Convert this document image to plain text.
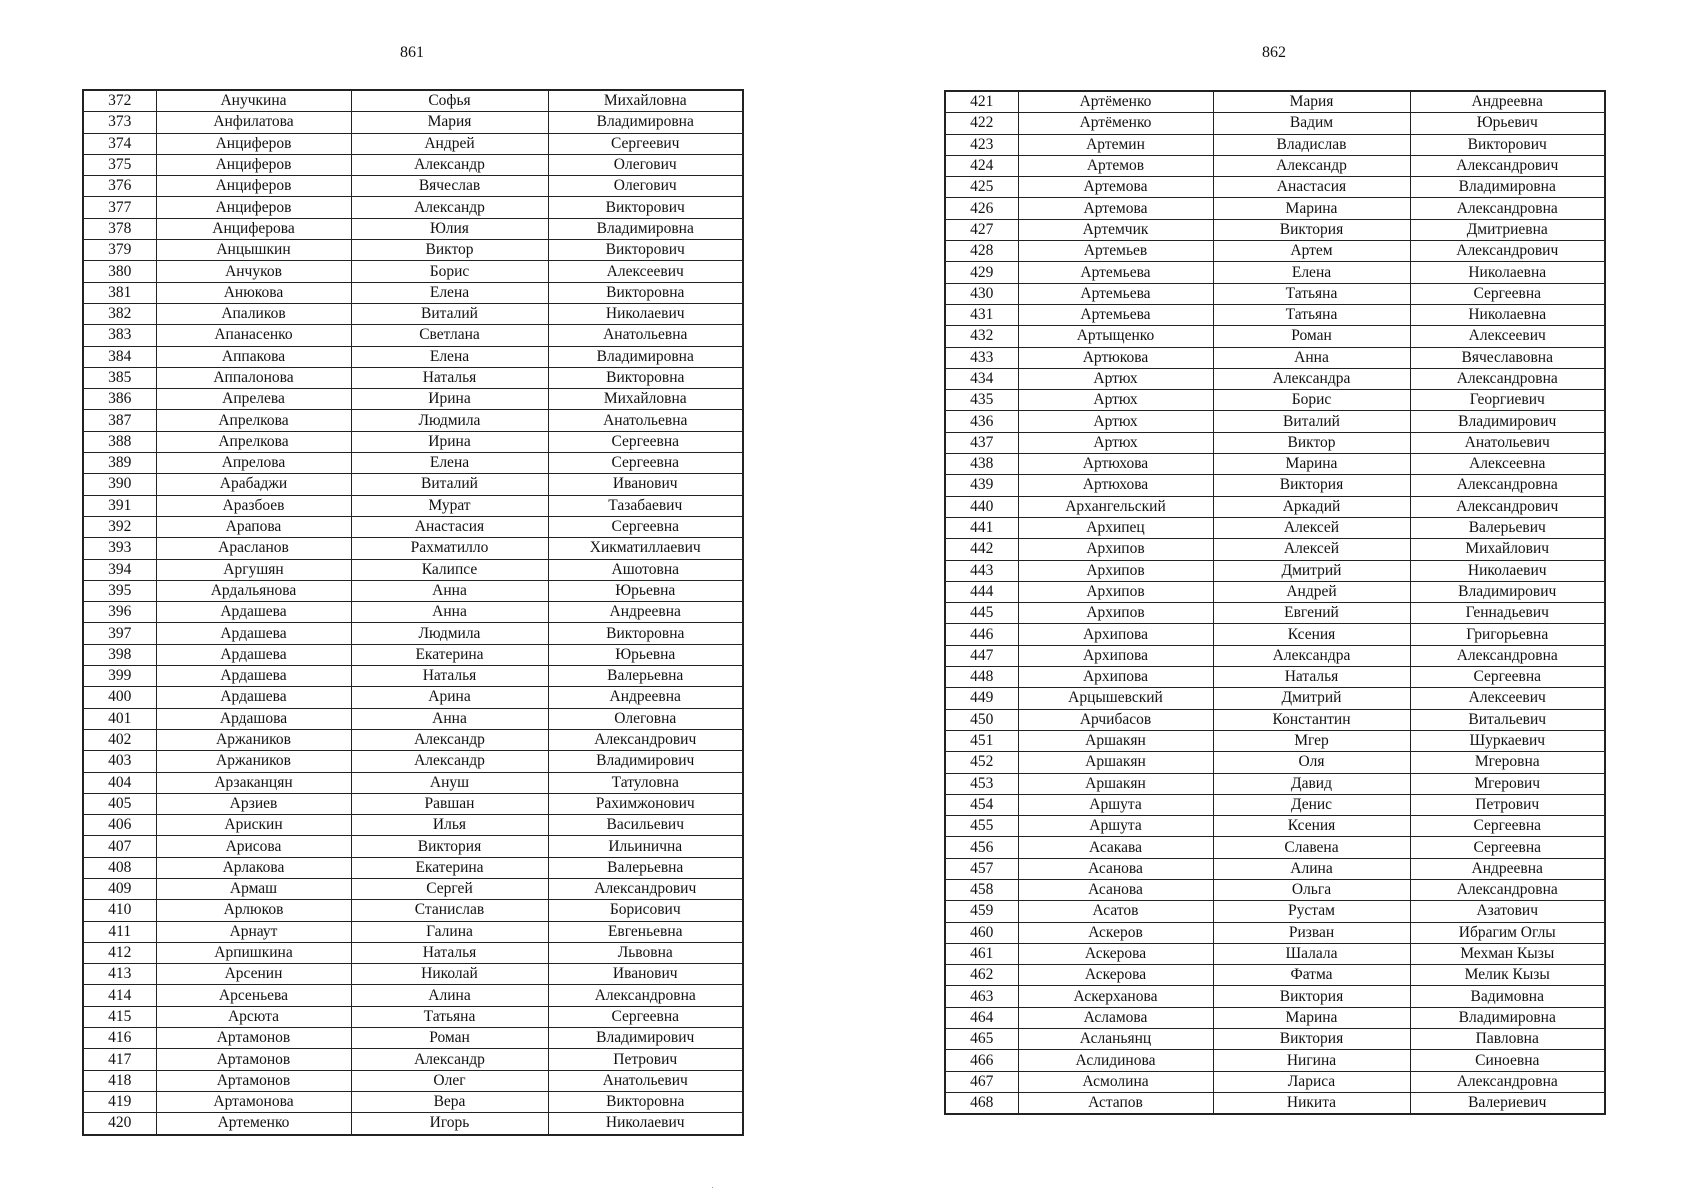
861
372	Анучкина	Софья	Михайловна
373	Анфилатова	Мария	Владимировна
374	Анциферов	Андрей	Сергеевич
375	Анциферов	Александр	Олегович
376	Анциферов	Вячеслав	Олегович
377	Анциферов	Александр	Викторович
378	Анциферова	Юлия	Владимировна
379	Анцышкин	Виктор	Викторович
380	Анчуков	Борис	Алексеевич
381	Анюкова	Елена	Викторовна
382	Апаликов	Виталий	Николаевич
383	Апанасенко	Светлана	Анатольевна
384	Аппакова	Елена	Владимировна
385	Аппалонова	Наталья	Викторовна
386	Апрелева	Ирина	Михайловна
387	Апрелкова	Людмила	Анатольевна
388	Апрелкова	Ирина	Сергеевна
389	Апрелова	Елена	Сергеевна
390	Арабаджи	Виталий	Иванович
391	Аразбоев	Мурат	Тазабаевич
392	Арапова	Анастасия	Сергеевна
393	Арасланов	Рахматилло	Хикматиллаевич
394	Аргушян	Калипсе	Ашотовна
395	Ардальянова	Анна	Юрьевна
396	Ардашева	Анна	Андреевна
397	Ардашева	Людмила	Викторовна
398	Ардашева	Екатерина	Юрьевна
399	Ардашева	Наталья	Валерьевна
400	Ардашева	Арина	Андреевна
401	Ардашова	Анна	Олеговна
402	Аржаников	Александр	Александрович
403	Аржаников	Александр	Владимирович
404	Арзаканцян	Ануш	Татуловна
405	Арзиев	Равшан	Рахимжонович
406	Арискин	Илья	Васильевич
407	Арисова	Виктория	Ильинична
408	Арлакова	Екатерина	Валерьевна
409	Армаш	Сергей	Александрович
410	Арлюков	Станислав	Борисович
411	Арнаут	Галина	Евгеньевна
412	Арпишкина	Наталья	Львовна
413	Арсенин	Николай	Иванович
414	Арсеньева	Алина	Александровна
415	Арсюта	Татьяна	Сергеевна
416	Артамонов	Роман	Владимирович
417	Артамонов	Александр	Петрович
418	Артамонов	Олег	Анатольевич
419	Артамонова	Вера	Викторовна
420	Артеменко	Игорь	Николаевич
862
421	Артёменко	Мария	Андреевна
422	Артёменко	Вадим	Юрьевич
423	Артемин	Владислав	Викторович
424	Артемов	Александр	Александрович
425	Артемова	Анастасия	Владимировна
426	Артемова	Марина	Александровна
427	Артемчик	Виктория	Дмитриевна
428	Артемьев	Артем	Александрович
429	Артемьева	Елена	Николаевна
430	Артемьева	Татьяна	Сергеевна
431	Артемьева	Татьяна	Николаевна
432	Артыщенко	Роман	Алексеевич
433	Артюкова	Анна	Вячеславовна
434	Артюх	Александра	Александровна
435	Артюх	Борис	Георгиевич
436	Артюх	Виталий	Владимирович
437	Артюх	Виктор	Анатольевич
438	Артюхова	Марина	Алексеевна
439	Артюхова	Виктория	Александровна
440	Архангельский	Аркадий	Александрович
441	Архипец	Алексей	Валерьевич
442	Архипов	Алексей	Михайлович
443	Архипов	Дмитрий	Николаевич
444	Архипов	Андрей	Владимирович
445	Архипов	Евгений	Геннадьевич
446	Архипова	Ксения	Григорьевна
447	Архипова	Александра	Александровна
448	Архипова	Наталья	Сергеевна
449	Арцышевский	Дмитрий	Алексеевич
450	Арчибасов	Константин	Витальевич
451	Аршакян	Мгер	Шуркаевич
452	Аршакян	Оля	Мгеровна
453	Аршакян	Давид	Мгерович
454	Аршута	Денис	Петрович
455	Аршута	Ксения	Сергеевна
456	Асакава	Славена	Сергеевна
457	Асанова	Алина	Андреевна
458	Асанова	Ольга	Александровна
459	Асатов	Рустам	Азатович
460	Аскеров	Ризван	Ибрагим Оглы
461	Аскерова	Шалала	Мехман Кызы
462	Аскерова	Фатма	Мелик Кызы
463	Аскерханова	Виктория	Вадимовна
464	Асламова	Марина	Владимировна
465	Асланьянц	Виктория	Павловна
466	Аслидинова	Нигина	Синоевна
467	Асмолина	Лариса	Александровна
468	Астапов	Никита	Валериевич
